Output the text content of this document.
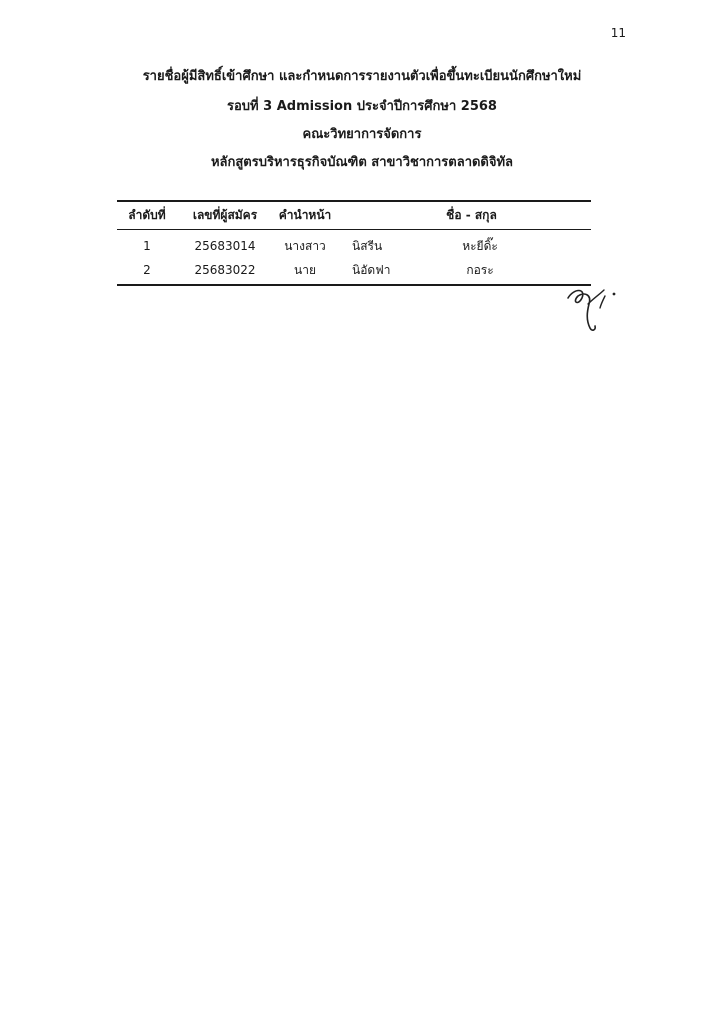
11
รายชื่อผู้มีสิทธิ์เข้าศึกษา และกำหนดการรายงานตัวเพื่อขึ้นทะเบียนนักศึกษาใหม่
รอบที่ 3 Admission ประจำปีการศึกษา 2568
คณะวิทยาการจัดการ
หลักสูตรบริหารธุรกิจบัณฑิต สาขาวิชาการตลาดดิจิทัล
ลำดับที่	เลขที่ผู้สมัคร	คำนำหน้า	ชื่อ - สกุล
1	25683014	นางสาว	นิสรีน	หะยีดิ๊ะ
2	25683022	นาย	นิอัดฟา	กอระ
